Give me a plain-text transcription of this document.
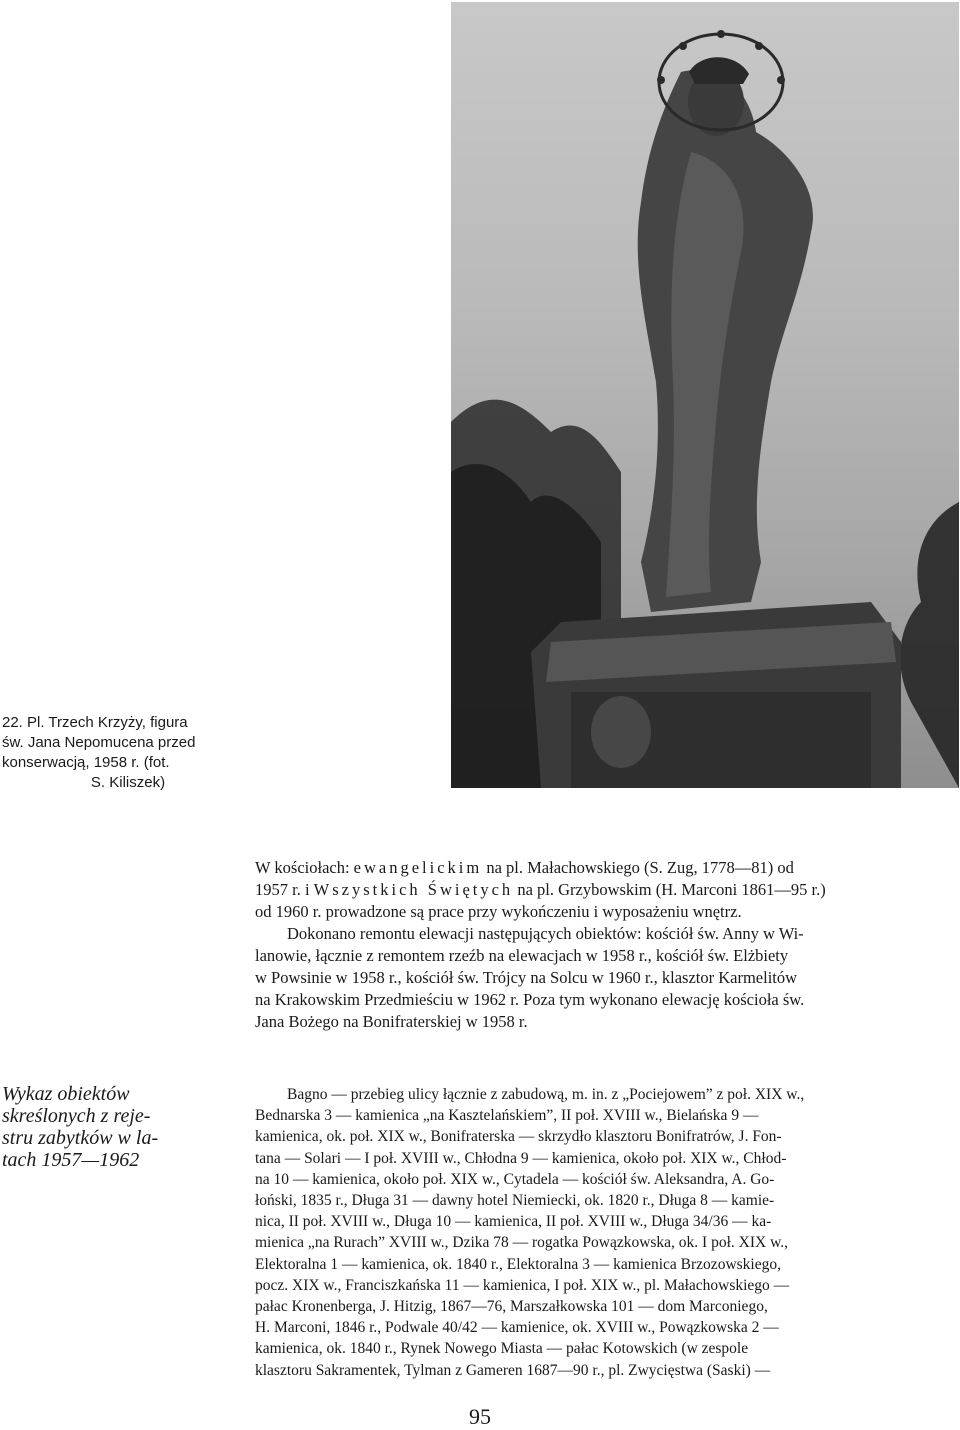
22. Pl. Trzech Krzyży, figura
św. Jana Nepomucena przed
konserwacją, 1958 r. (fot.
S. Kiliszek)
W kościołach: ewangelickim na pl. Małachowskiego (S. Zug, 1778—81) od
1957 r. i Wszystkich Świętych na pl. Grzybowskim (H. Marconi 1861—95 r.)
od 1960 r. prowadzone są prace przy wykończeniu i wyposażeniu wnętrz.
Dokonano remontu elewacji następujących obiektów: kościół św. Anny w Wi-
lanowie, łącznie z remontem rzeźb na elewacjach w 1958 r., kościół św. Elżbiety
w Powsinie w 1958 r., kościół św. Trójcy na Solcu w 1960 r., klasztor Karmelitów
na Krakowskim Przedmieściu w 1962 r. Poza tym wykonano elewację kościoła św.
Jana Bożego na Bonifraterskiej w 1958 r.
Wykaz obiektów
skreślonych z reje-
stru zabytków w la-
tach 1957—1962
Bagno — przebieg ulicy łącznie z zabudową, m. in. z „Pociejowem” z poł. XIX w.,
Bednarska 3 — kamienica „na Kasztelańskiem”, II poł. XVIII w., Bielańska 9 —
kamienica, ok. poł. XIX w., Bonifraterska — skrzydło klasztoru Bonifratrów, J. Fon-
tana — Solari — I poł. XVIII w., Chłodna 9 — kamienica, około poł. XIX w., Chłod-
na 10 — kamienica, około poł. XIX w., Cytadela — kościół św. Aleksandra, A. Go-
łoński, 1835 r., Długa 31 — dawny hotel Niemiecki, ok. 1820 r., Długa 8 — kamie-
nica, II poł. XVIII w., Długa 10 — kamienica, II poł. XVIII w., Długa 34/36 — ka-
mienica „na Rurach” XVIII w., Dzika 78 — rogatka Powązkowska, ok. I poł. XIX w.,
Elektoralna 1 — kamienica, ok. 1840 r., Elektoralna 3 — kamienica Brzozowskiego,
pocz. XIX w., Franciszkańska 11 — kamienica, I poł. XIX w., pl. Małachowskiego —
pałac Kronenberga, J. Hitzig, 1867—76, Marszałkowska 101 — dom Marconiego,
H. Marconi, 1846 r., Podwale 40/42 — kamienice, ok. XVIII w., Powązkowska 2 —
kamienica, ok. 1840 r., Rynek Nowego Miasta — pałac Kotowskich (w zespole
klasztoru Sakramentek, Tylman z Gameren 1687—90 r., pl. Zwycięstwa (Saski) —
95
